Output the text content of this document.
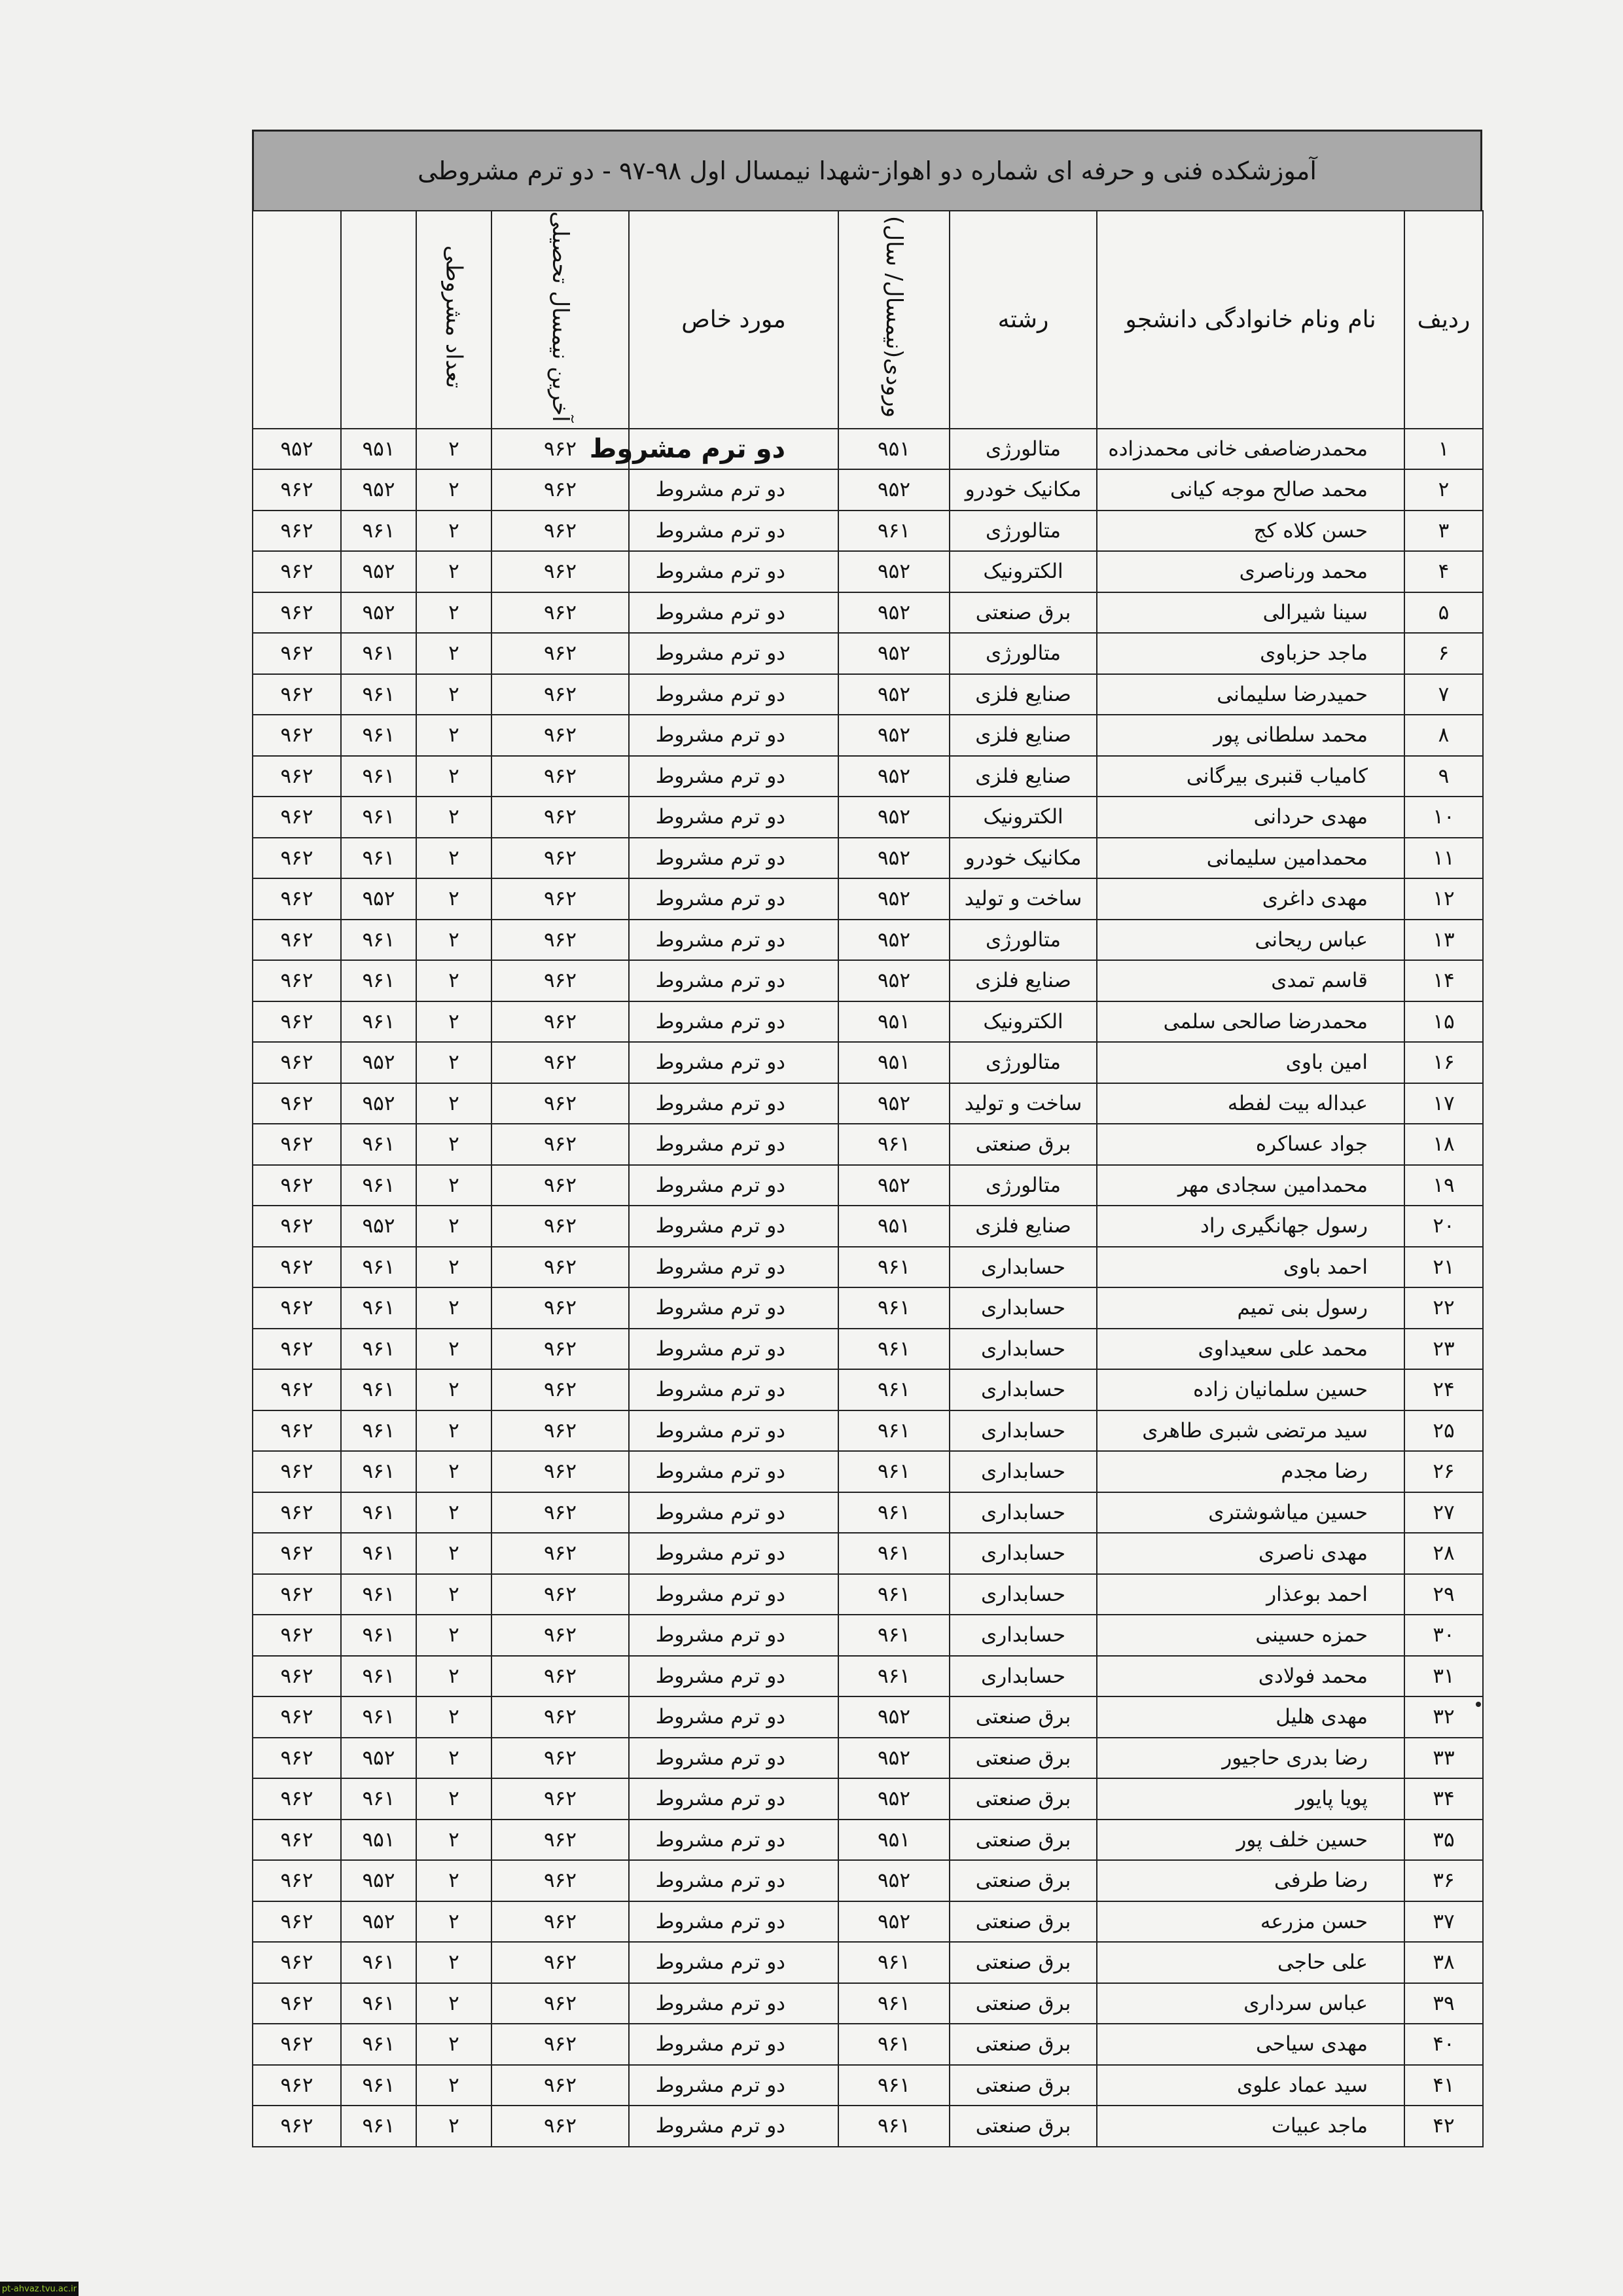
آموزشکده فنی و حرفه ای شماره دو اهواز-شهدا نیمسال اول ۹۸-۹۷ - دو ترم مشروطی
ردیف	نام ونام خانوادگی دانشجو	رشته	ورودی(نیمسال/ سال)	مورد خاص	آخرین نیمسال تحصیلی	تعداد مشروطی		
۱	محمدرضاصفی خانی محمدزاده	متالورژی	۹۵۱	دو ترم مشروط	۹۶۲	۲	۹۵۱	۹۵۲
۲	محمد صالح موجه کیانی	مکانیک خودرو	۹۵۲	دو ترم مشروط	۹۶۲	۲	۹۵۲	۹۶۲
۳	حسن کلاه کج	متالورژی	۹۶۱	دو ترم مشروط	۹۶۲	۲	۹۶۱	۹۶۲
۴	محمد ورناصری	الکترونیک	۹۵۲	دو ترم مشروط	۹۶۲	۲	۹۵۲	۹۶۲
۵	سینا شیرالی	برق صنعتی	۹۵۲	دو ترم مشروط	۹۶۲	۲	۹۵۲	۹۶۲
۶	ماجد حزباوی	متالورژی	۹۵۲	دو ترم مشروط	۹۶۲	۲	۹۶۱	۹۶۲
۷	حمیدرضا سلیمانی	صنایع فلزی	۹۵۲	دو ترم مشروط	۹۶۲	۲	۹۶۱	۹۶۲
۸	محمد سلطانی پور	صنایع فلزی	۹۵۲	دو ترم مشروط	۹۶۲	۲	۹۶۱	۹۶۲
۹	کامیاب قنبری بیرگانی	صنایع فلزی	۹۵۲	دو ترم مشروط	۹۶۲	۲	۹۶۱	۹۶۲
۱۰	مهدی حردانی	الکترونیک	۹۵۲	دو ترم مشروط	۹۶۲	۲	۹۶۱	۹۶۲
۱۱	محمدامین سلیمانی	مکانیک خودرو	۹۵۲	دو ترم مشروط	۹۶۲	۲	۹۶۱	۹۶۲
۱۲	مهدی داغری	ساخت و تولید	۹۵۲	دو ترم مشروط	۹۶۲	۲	۹۵۲	۹۶۲
۱۳	عباس ریحانی	متالورژی	۹۵۲	دو ترم مشروط	۹۶۲	۲	۹۶۱	۹۶۲
۱۴	قاسم تمدی	صنایع فلزی	۹۵۲	دو ترم مشروط	۹۶۲	۲	۹۶۱	۹۶۲
۱۵	محمدرضا صالحی سلمی	الکترونیک	۹۵۱	دو ترم مشروط	۹۶۲	۲	۹۶۱	۹۶۲
۱۶	امین باوی	متالورژی	۹۵۱	دو ترم مشروط	۹۶۲	۲	۹۵۲	۹۶۲
۱۷	عبداله بیت لفطه	ساخت و تولید	۹۵۲	دو ترم مشروط	۹۶۲	۲	۹۵۲	۹۶۲
۱۸	جواد عساکره	برق صنعتی	۹۶۱	دو ترم مشروط	۹۶۲	۲	۹۶۱	۹۶۲
۱۹	محمدامین سجادی مهر	متالورژی	۹۵۲	دو ترم مشروط	۹۶۲	۲	۹۶۱	۹۶۲
۲۰	رسول جهانگیری راد	صنایع فلزی	۹۵۱	دو ترم مشروط	۹۶۲	۲	۹۵۲	۹۶۲
۲۱	احمد باوی	حسابداری	۹۶۱	دو ترم مشروط	۹۶۲	۲	۹۶۱	۹۶۲
۲۲	رسول بنی تمیم	حسابداری	۹۶۱	دو ترم مشروط	۹۶۲	۲	۹۶۱	۹۶۲
۲۳	محمد علی سعیداوی	حسابداری	۹۶۱	دو ترم مشروط	۹۶۲	۲	۹۶۱	۹۶۲
۲۴	حسین سلمانیان زاده	حسابداری	۹۶۱	دو ترم مشروط	۹۶۲	۲	۹۶۱	۹۶۲
۲۵	سید مرتضی شبری طاهری	حسابداری	۹۶۱	دو ترم مشروط	۹۶۲	۲	۹۶۱	۹۶۲
۲۶	رضا مجدم	حسابداری	۹۶۱	دو ترم مشروط	۹۶۲	۲	۹۶۱	۹۶۲
۲۷	حسین میاشوشتری	حسابداری	۹۶۱	دو ترم مشروط	۹۶۲	۲	۹۶۱	۹۶۲
۲۸	مهدی ناصری	حسابداری	۹۶۱	دو ترم مشروط	۹۶۲	۲	۹۶۱	۹۶۲
۲۹	احمد بوعذار	حسابداری	۹۶۱	دو ترم مشروط	۹۶۲	۲	۹۶۱	۹۶۲
۳۰	حمزه حسینی	حسابداری	۹۶۱	دو ترم مشروط	۹۶۲	۲	۹۶۱	۹۶۲
۳۱	محمد فولادی	حسابداری	۹۶۱	دو ترم مشروط	۹۶۲	۲	۹۶۱	۹۶۲
۳۲	مهدی هلیل	برق صنعتی	۹۵۲	دو ترم مشروط	۹۶۲	۲	۹۶۱	۹۶۲
۳۳	رضا بدری حاجیور	برق صنعتی	۹۵۲	دو ترم مشروط	۹۶۲	۲	۹۵۲	۹۶۲
۳۴	پویا پایور	برق صنعتی	۹۵۲	دو ترم مشروط	۹۶۲	۲	۹۶۱	۹۶۲
۳۵	حسین خلف پور	برق صنعتی	۹۵۱	دو ترم مشروط	۹۶۲	۲	۹۵۱	۹۶۲
۳۶	رضا طرفی	برق صنعتی	۹۵۲	دو ترم مشروط	۹۶۲	۲	۹۵۲	۹۶۲
۳۷	حسن مزرعه	برق صنعتی	۹۵۲	دو ترم مشروط	۹۶۲	۲	۹۵۲	۹۶۲
۳۸	علی حاجی	برق صنعتی	۹۶۱	دو ترم مشروط	۹۶۲	۲	۹۶۱	۹۶۲
۳۹	عباس سرداری	برق صنعتی	۹۶۱	دو ترم مشروط	۹۶۲	۲	۹۶۱	۹۶۲
۴۰	مهدی سیاحی	برق صنعتی	۹۶۱	دو ترم مشروط	۹۶۲	۲	۹۶۱	۹۶۲
۴۱	سید عماد علوی	برق صنعتی	۹۶۱	دو ترم مشروط	۹۶۲	۲	۹۶۱	۹۶۲
۴۲	ماجد عبیات	برق صنعتی	۹۶۱	دو ترم مشروط	۹۶۲	۲	۹۶۱	۹۶۲
pt-ahvaz.tvu.ac.ir
